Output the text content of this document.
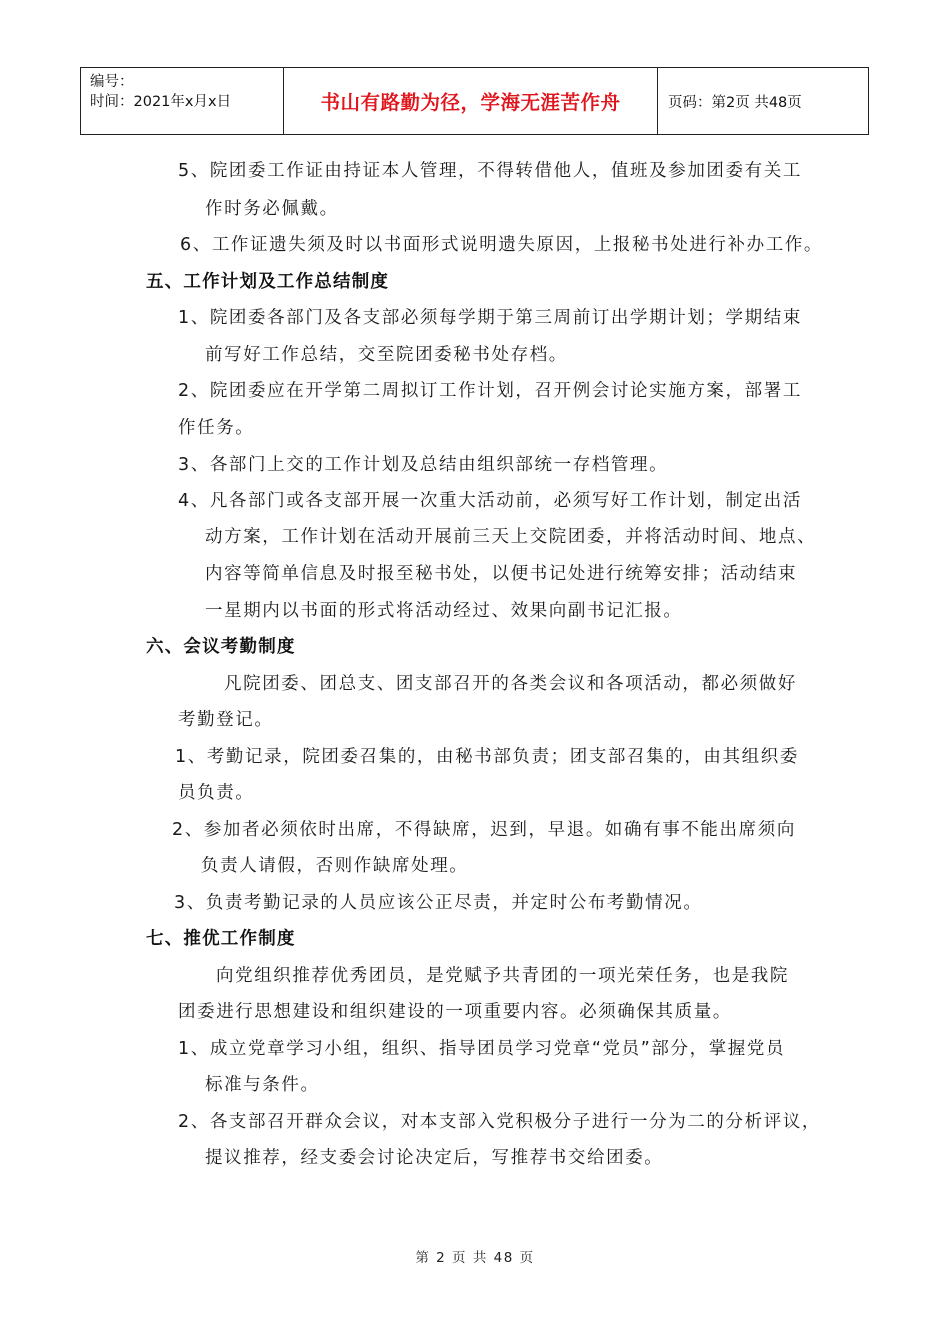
编号：
时间：2021年x月x日	书山有路勤为径，学海无涯苦作舟	页码：第2页 共48页
5、院团委工作证由持证本人管理，不得转借他人，值班及参加团委有关工
作时务必佩戴。
6、工作证遗失须及时以书面形式说明遗失原因，上报秘书处进行补办工作。
五、工作计划及工作总结制度
1、院团委各部门及各支部必须每学期于第三周前订出学期计划；学期结束
前写好工作总结，交至院团委秘书处存档。
2、院团委应在开学第二周拟订工作计划，召开例会讨论实施方案，部署工
作任务。
3、各部门上交的工作计划及总结由组织部统一存档管理。
4、凡各部门或各支部开展一次重大活动前，必须写好工作计划，制定出活
动方案，工作计划在活动开展前三天上交院团委，并将活动时间、地点、
内容等简单信息及时报至秘书处，以便书记处进行统筹安排；活动结束
一星期内以书面的形式将活动经过、效果向副书记汇报。
六、会议考勤制度
凡院团委、团总支、团支部召开的各类会议和各项活动，都必须做好
考勤登记。
1、考勤记录，院团委召集的，由秘书部负责；团支部召集的，由其组织委
员负责。
2、参加者必须依时出席，不得缺席，迟到，早退。如确有事不能出席须向
负责人请假，否则作缺席处理。
3、负责考勤记录的人员应该公正尽责，并定时公布考勤情况。
七、推优工作制度
向党组织推荐优秀团员，是党赋予共青团的一项光荣任务，也是我院
团委进行思想建设和组织建设的一项重要内容。必须确保其质量。
1、成立党章学习小组，组织、指导团员学习党章“党员”部分，掌握党员
标准与条件。
2、各支部召开群众会议，对本支部入党积极分子进行一分为二的分析评议，
提议推荐，经支委会讨论决定后，写推荐书交给团委。
第 2 页 共 48 页
